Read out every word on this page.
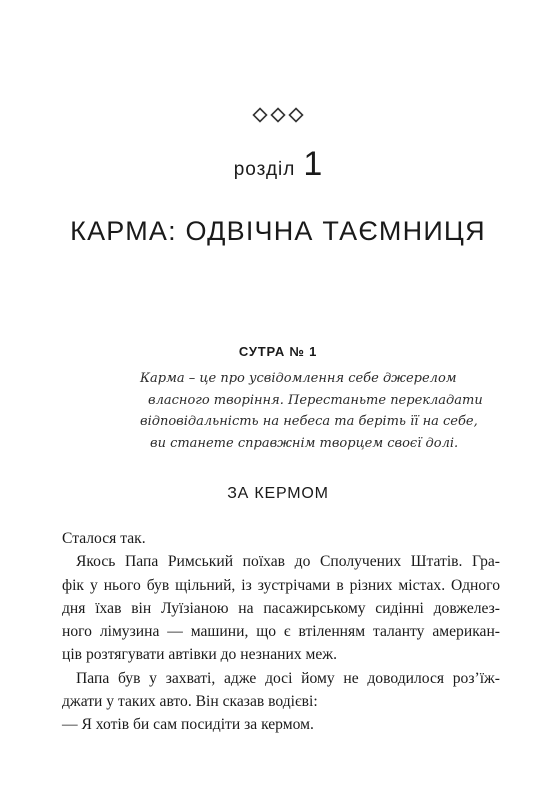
розділ 1
КАРМА: ОДВІЧНА ТАЄМНИЦЯ
СУТРА № 1
Карма – це про усвідомлення себе джерелом
власного творіння. Перестаньте перекладати
відповідальність на небеса та беріть її на себе,
ви станете справжнім творцем своєї долі.
ЗА КЕРМОМ
Сталося так.
Якось Папа Римський поїхав до Сполучених Штатів. Гра-
фік у нього був щільний, із зустрічами в різних містах. Одного
дня їхав він Луїзіаною на пасажирському сидінні довжелез-
ного лімузина — машини, що є втіленням таланту американ-
ців розтягувати автівки до незнаних меж.
Папа був у захваті, адже досі йому не доводилося роз’їж-
джати у таких авто. Він сказав водієві:
— Я хотів би сам посидіти за кермом.
